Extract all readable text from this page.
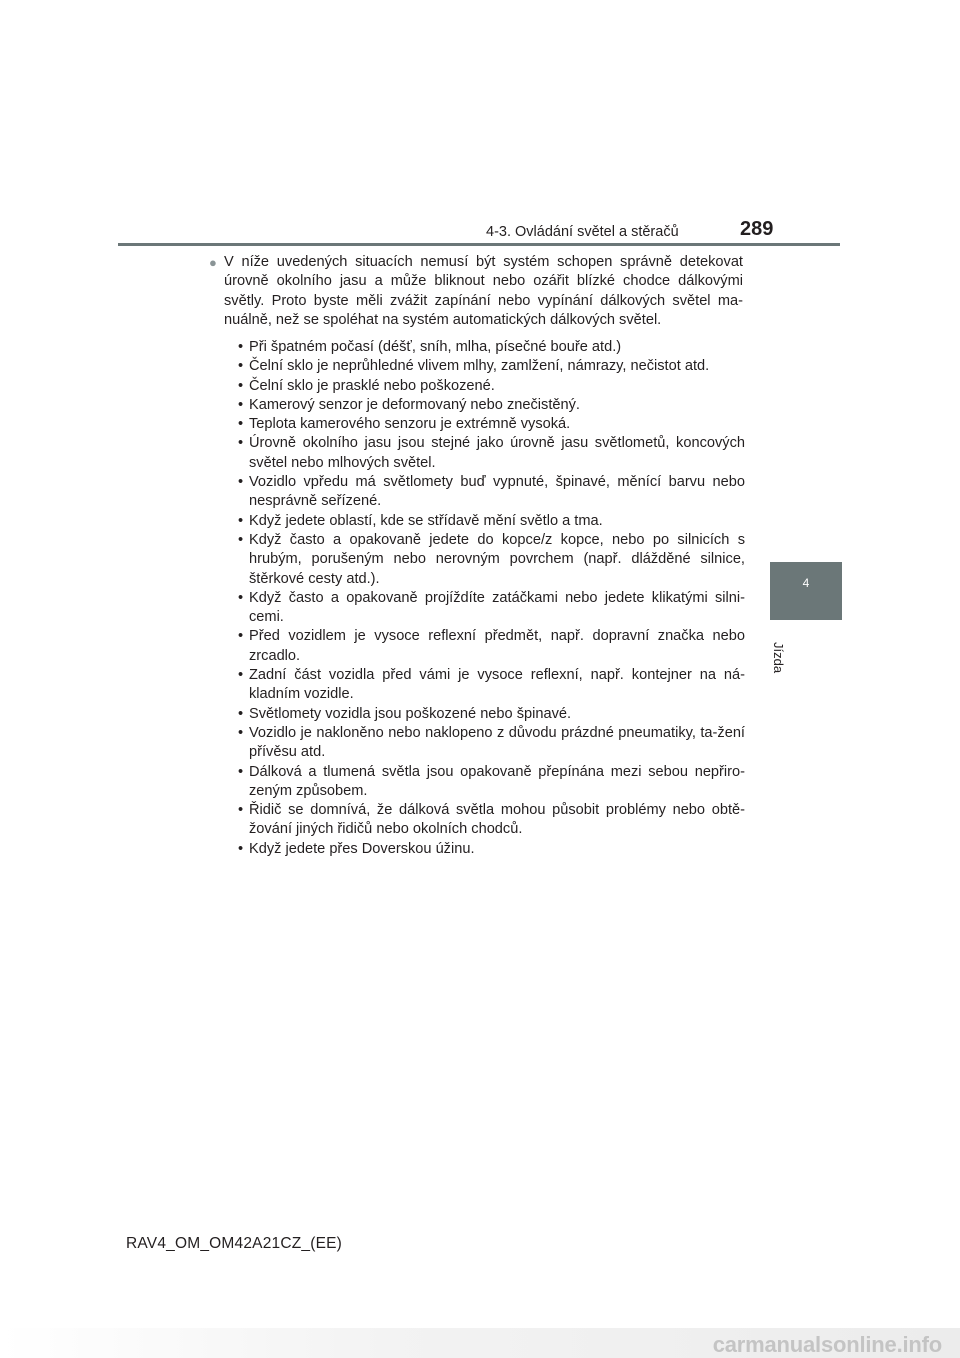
4-3. Ovládání světel a stěračů	289
4
Jízda
● V níže uvedených situacích nemusí být systém schopen správně detekovat úrovně okolního jasu a může bliknout nebo ozářit blízké chodce dálkovými světly. Proto byste měli zvážit zapínání nebo vypínání dálkových světel ma-nuálně, než se spoléhat na systém automatických dálkových světel.
• Při špatném počasí (déšť, sníh, mlha, písečné bouře atd.)
• Čelní sklo je neprůhledné vlivem mlhy, zamlžení, námrazy, nečistot atd.
• Čelní sklo je prasklé nebo poškozené.
• Kamerový senzor je deformovaný nebo znečistěný.
• Teplota kamerového senzoru je extrémně vysoká.
• Úrovně okolního jasu jsou stejné jako úrovně jasu světlometů, koncových světel nebo mlhových světel.
• Vozidlo vpředu má světlomety buď vypnuté, špinavé, měnící barvu nebo nesprávně seřízené.
• Když jedete oblastí, kde se střídavě mění světlo a tma.
• Když často a opakovaně jedete do kopce/z kopce, nebo po silnicích s hrubým, porušeným nebo nerovným povrchem (např. dlážděné silnice, štěrkové cesty atd.).
• Když často a opakovaně projíždíte zatáčkami nebo jedete klikatými silni-cemi.
• Před vozidlem je vysoce reflexní předmět, např. dopravní značka nebo zrcadlo.
• Zadní část vozidla před vámi je vysoce reflexní, např. kontejner na ná-kladním vozidle.
• Světlomety vozidla jsou poškozené nebo špinavé.
• Vozidlo je nakloněno nebo naklopeno z důvodu prázdné pneumatiky, ta-žení přívěsu atd.
• Dálková a tlumená světla jsou opakovaně přepínána mezi sebou nepřiro-zeným způsobem.
• Řidič se domnívá, že dálková světla mohou působit problémy nebo obtě-žování jiných řidičů nebo okolních chodců.
• Když jedete přes Doverskou úžinu.
RAV4_OM_OM42A21CZ_(EE)
carmanualsonline.info
